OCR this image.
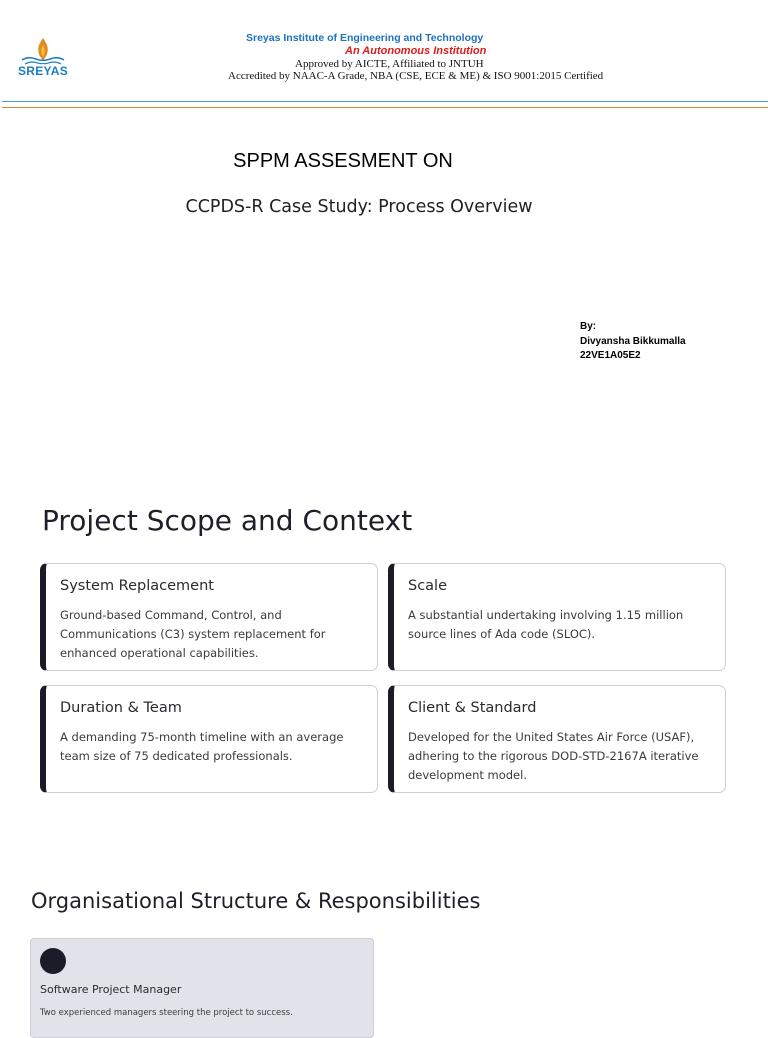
SREYAS
Sreyas Institute of Engineering and Technology
An Autonomous Institution
Approved by AICTE, Affiliated to JNTUH
Accredited by NAAC-A Grade, NBA (CSE, ECE & ME) & ISO 9001:2015 Certified
SPPM ASSESMENT ON
CCPDS-R Case Study: Process Overview
By:
Divyansha Bikkumalla
22VE1A05E2
Project Scope and Context
System Replacement
Ground-based Command, Control, and Communications (C3) system replacement for enhanced operational capabilities.
Scale
A substantial undertaking involving 1.15 million source lines of Ada code (SLOC).
Duration & Team
A demanding 75-month timeline with an average team size of 75 dedicated professionals.
Client & Standard
Developed for the United States Air Force (USAF), adhering to the rigorous DOD-STD-2167A iterative development model.
Organisational Structure & Responsibilities
Software Project Manager
Two experienced managers steering the project to success.
